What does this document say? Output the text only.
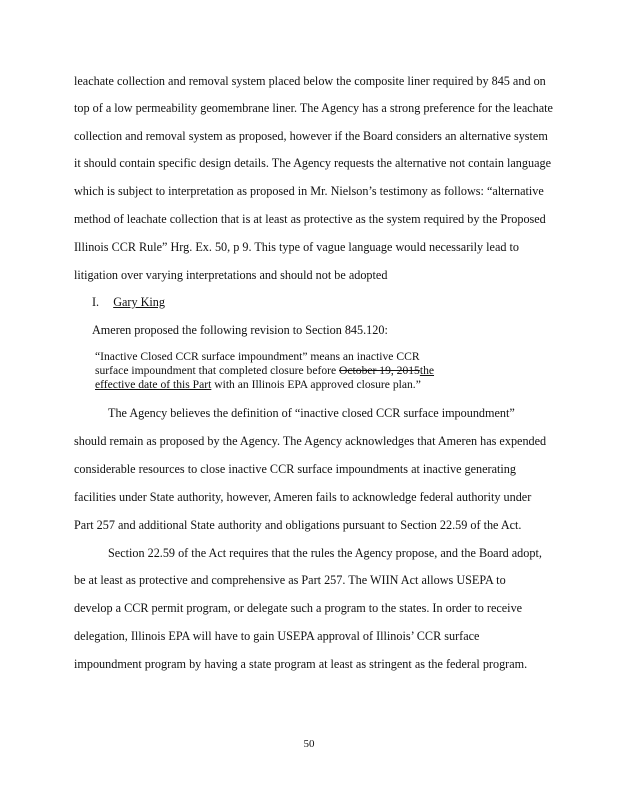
leachate collection and removal system placed below the composite liner required by 845 and on
top of a low permeability geomembrane liner. The Agency has a strong preference for the leachate
collection and removal system as proposed, however if the Board considers an alternative system
it should contain specific design details. The Agency requests the alternative not contain language
which is subject to interpretation as proposed in Mr. Nielson’s testimony as follows: “alternative
method of leachate collection that is at least as protective as the system required by the Proposed
Illinois CCR Rule” Hrg. Ex. 50, p 9. This type of vague language would necessarily lead to
litigation over varying interpretations and should not be adopted
I. Gary King
Ameren proposed the following revision to Section 845.120:
“Inactive Closed CCR surface impoundment” means an inactive CCR
surface impoundment that completed closure before October 19, 2015the
effective date of this Part with an Illinois EPA approved closure plan.”
The Agency believes the definition of “inactive closed CCR surface impoundment”
should remain as proposed by the Agency. The Agency acknowledges that Ameren has expended
considerable resources to close inactive CCR surface impoundments at inactive generating
facilities under State authority, however, Ameren fails to acknowledge federal authority under
Part 257 and additional State authority and obligations pursuant to Section 22.59 of the Act.
Section 22.59 of the Act requires that the rules the Agency propose, and the Board adopt,
be at least as protective and comprehensive as Part 257. The WIIN Act allows USEPA to
develop a CCR permit program, or delegate such a program to the states. In order to receive
delegation, Illinois EPA will have to gain USEPA approval of Illinois’ CCR surface
impoundment program by having a state program at least as stringent as the federal program.
50
